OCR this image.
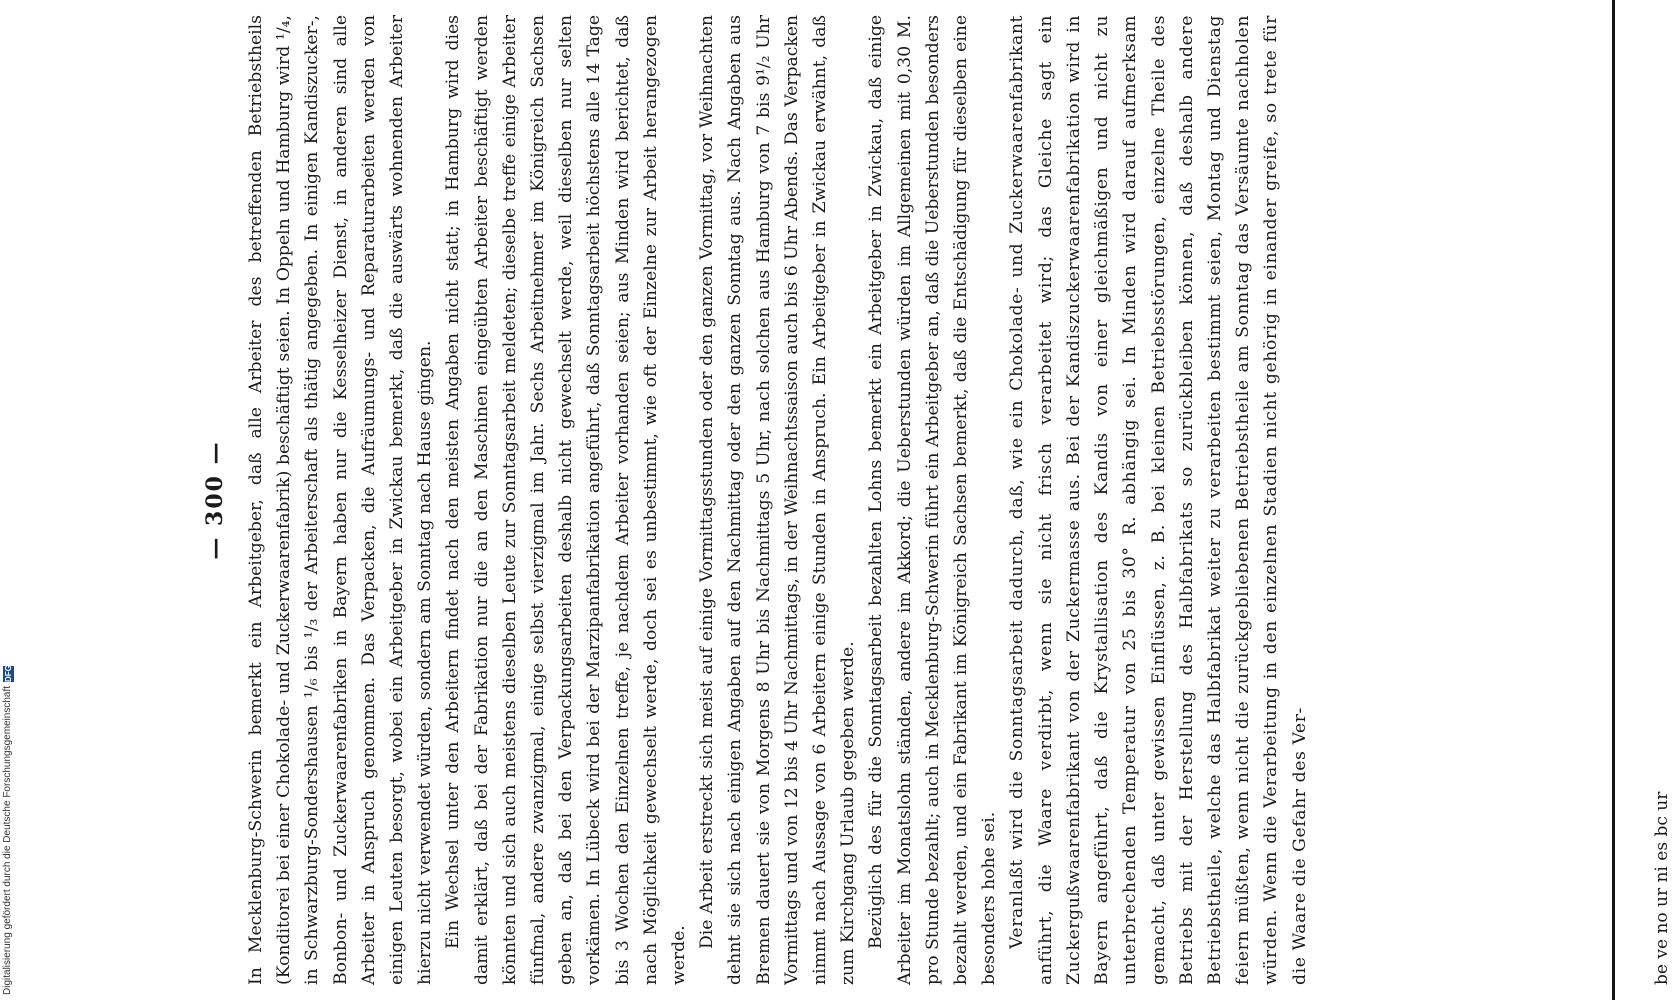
— 300 — In Mecklenburg-Schwerin bemerkt ein Arbeitgeber, daß alle Arbeiter des betreffenden Betriebstheils (Konditorei bei einer Chokolade- und Zuckerwaarenfabrik) beschäftigt seien. In Oppeln und Hamburg wird ¹/₄, in Schwarzburg-Sondershausen ¹/₆ bis ¹/₃ der Arbeiterschaft als thätig angegeben. In einigen Kandiszucker-, Bonbon- und Zuckerwaarenfabriken in Bayern haben nur die Kesselheizer Dienst, in anderen sind alle Arbeiter in Anspruch genommen. Das Verpacken, die Aufräumungs- und Reparaturarbeiten werden von einigen Leuten besorgt, wobei ein Arbeitgeber in Zwickau bemerkt, daß die auswärts wohnenden Arbeiter hierzu nicht verwendet würden, sondern am Sonntag nach Hause gingen. Ein Wechsel unter den Arbeitern findet nach den meisten Angaben nicht statt; in Hamburg wird dies damit erklärt, daß bei der Fabrikation nur die an den Maschinen eingeübten Arbeiter beschäftigt werden könnten und sich auch meistens dieselben Leute zur Sonntagsarbeit meldeten; dieselbe treffe einige Arbeiter fünfmal, andere zwanzigmal, einige selbst vierzigmal im Jahr. Sechs Arbeitnehmer im Königreich Sachsen geben an, daß bei den Verpackungsarbeiten deshalb nicht gewechselt werde, weil dieselben nur selten vorkämen. In Lübeck wird bei der Marzipanfabrikation angeführt, daß Sonntagsarbeit höchstens alle 14 Tage bis 3 Wochen den Einzelnen treffe, je nachdem Arbeiter vorhanden seien; aus Minden wird berichtet, daß nach Möglichkeit gewechselt werde, doch sei es unbestimmt, wie oft der Einzelne zur Arbeit herangezogen werde.

Die Arbeit erstreckt sich meist auf einige Vormittagsstunden oder den ganzen Vormittag, vor Weihnachten dehnt sie sich nach einigen Angaben auf den Nachmittag oder den ganzen Sonntag aus. Nach Angaben aus Bremen dauert sie von Morgens 8 Uhr bis Nachmittags 5 Uhr, nach solchen aus Hamburg von 7 bis 9¹/₂ Uhr Vormittags und von 12 bis 4 Uhr Nachmittags, in der Weihnachtssaison auch bis 6 Uhr Abends. Das Verpacken nimmt nach Aussage von 6 Arbeitern einige Stunden in Anspruch. Ein Arbeitgeber in Zwickau erwähnt, daß zum Kirchgang Urlaub gegeben werde. Bezüglich des für die Sonntagsarbeit bezahlten Lohns bemerkt ein Arbeitgeber in Zwickau, daß einige Arbeiter im Monatslohn ständen, andere im Akkord; die Ueberstunden würden im Allgemeinen mit 0,30 M. pro Stunde bezahlt; auch in Mecklenburg-Schwerin führt ein Arbeitgeber an, daß die Ueberstunden besonders bezahlt werden, und ein Fabrikant im Königreich Sachsen bemerkt, daß die Entschädigung für dieselben eine besonders hohe sei. Veranlaßt wird die Sonntagsarbeit dadurch, daß, wie ein Chokolade- und Zuckerwaarenfabrikant anführt, die Waare verdirbt, wenn sie nicht frisch verarbeitet wird; das Gleiche sagt ein Zuckergußwaarenfabrikant von der Zuckermasse aus. Bei der Kandiszuckerwaarenfabrikation wird in Bayern angeführt, daß die Krystallisation des Kandis von einer gleichmäßigen und nicht zu unterbrechenden Temperatur von 25 bis 30° R. abhängig sei. In Minden wird darauf aufmerksam gemacht, daß unter gewissen Einflüssen, z. B. bei kleinen Betriebsstörungen, einzelne Theile des Betriebs mit der Herstellung des Halbfabrikats so zurückbleiben können, daß deshalb andere Betriebstheile, welche das Halbfabrikat weiter zu verarbeiten bestimmt seien, Montag und Dienstag feiern müßten, wenn nicht die zurückgebliebenen Betriebstheile am Sonntag das Versäumte nachholen würden. Wenn die Verarbeitung in den einzelnen Stadien nicht gehörig in einander greife, so trete für die Waare die Gefahr des Ver-	be ve no ur ni es bc ur
Digitalisierung gefördert durch die Deutsche Forschungsgemeinschaft
DFG
